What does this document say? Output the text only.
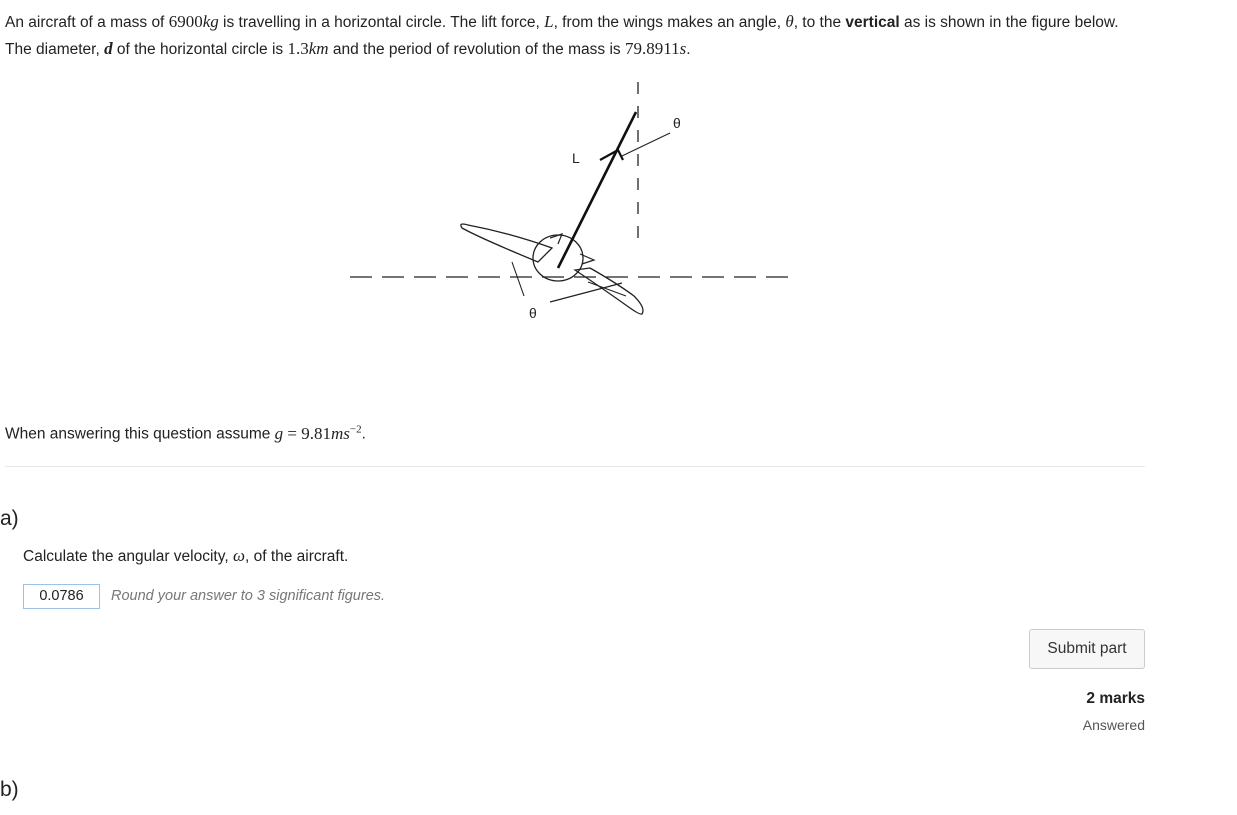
An aircraft of a mass of 6900kg is travelling in a horizontal circle. The lift force, L, from the wings makes an angle, θ, to the vertical as is shown in the figure below. The diameter, d of the horizontal circle is 1.3km and the period of revolution of the mass is 79.8911s.
L
θ
θ
When answering this question assume $g = 9.81ms^{-2}$.
a)
Calculate the angular velocity, ω, of the aircraft.
0.0786	Round your answer to 3 significant figures.
Submit part
2 marks
Answered
b)
